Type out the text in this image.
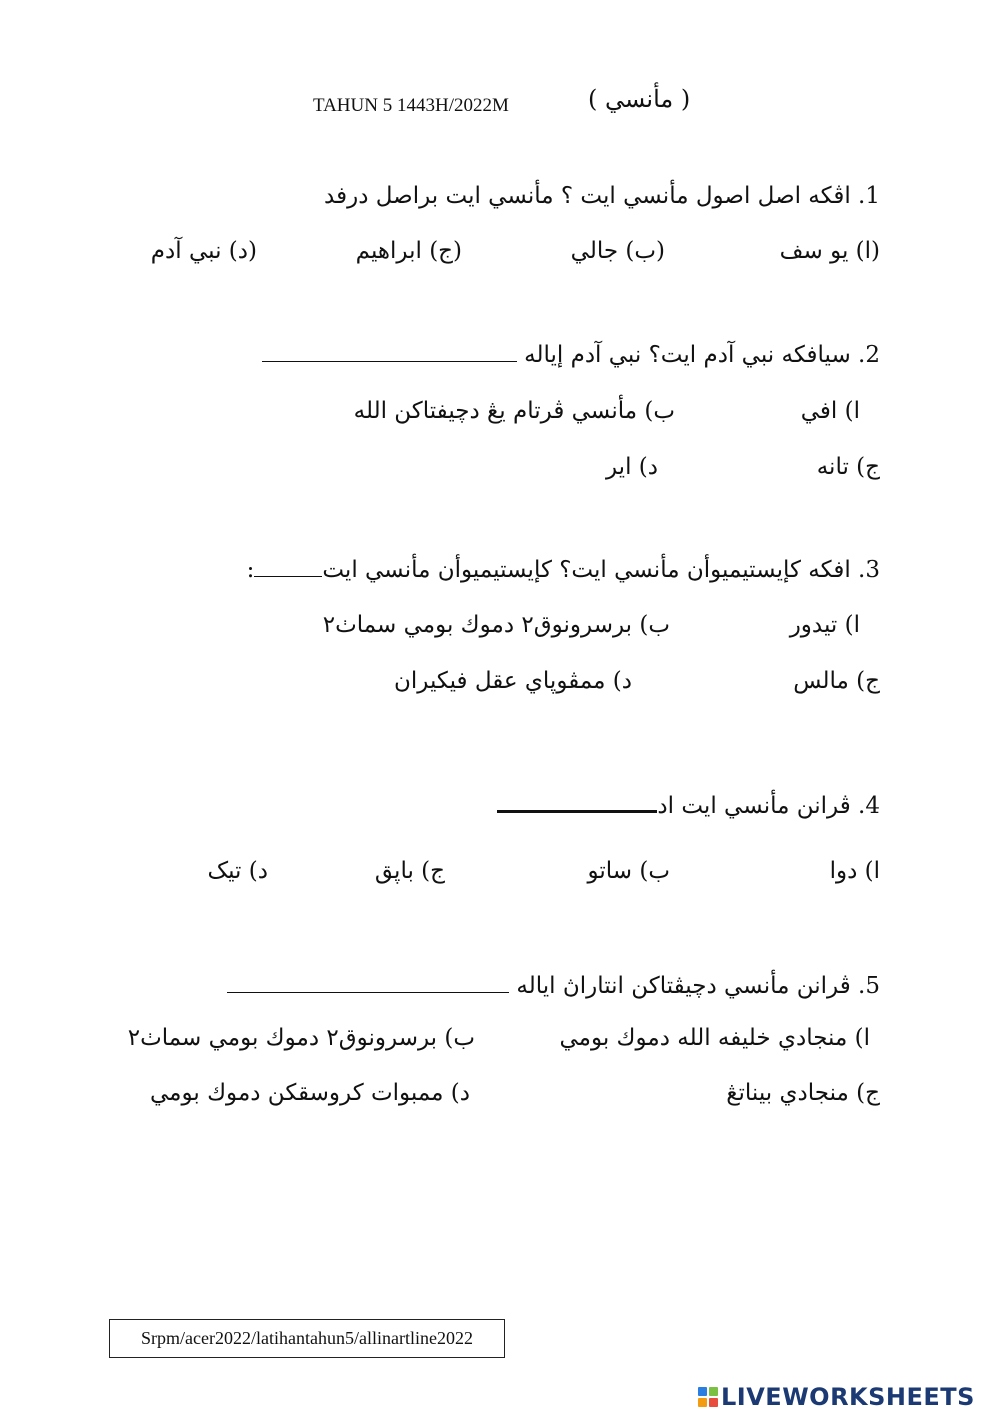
TAHUN 5 1443H/2022M	( مأنسي )
1. اڤكه اصل اصول مأنسي ايت ؟ مأنسي ايت براصل درفد
(ا) يو سف
(ب) جالي
(ج) ابراهيم
(د) نبي آدم
2. سيافكه نبي آدم ايت؟ نبي آدم إياله
ا) افي
ب) مأنسي ڤرتام يڠ دچيفتاكن الله
ج) تانه
د) اير
3. افكه كإيستيميوأن مأنسي ايت؟ كإيستيميوأن مأنسي ايت:
ا) تيدور
ب) برسرونوق٢ دموك بومي سماٺ٢
ج) مالس
د) ممڤوڽاي عقل فيكيران
4. ڤرانن مأنسي ايت اد
ا) دوا
ب) ساتو
ج) باڽق
د) تيک
5. ڤرانن مأنسي دچيڤتاكن انتاراڽ اياله
ا) منجادي خليفه الله دموك بومي
ب) برسرونوق٢ دموك بومي سماٺ٢
ج) منجادي بيناتڠ
د) ممبوات كروسقكن دموك بومي
Srpm/acer2022/latihantahun5/allinartline2022
LIVEWORKSHEETS
